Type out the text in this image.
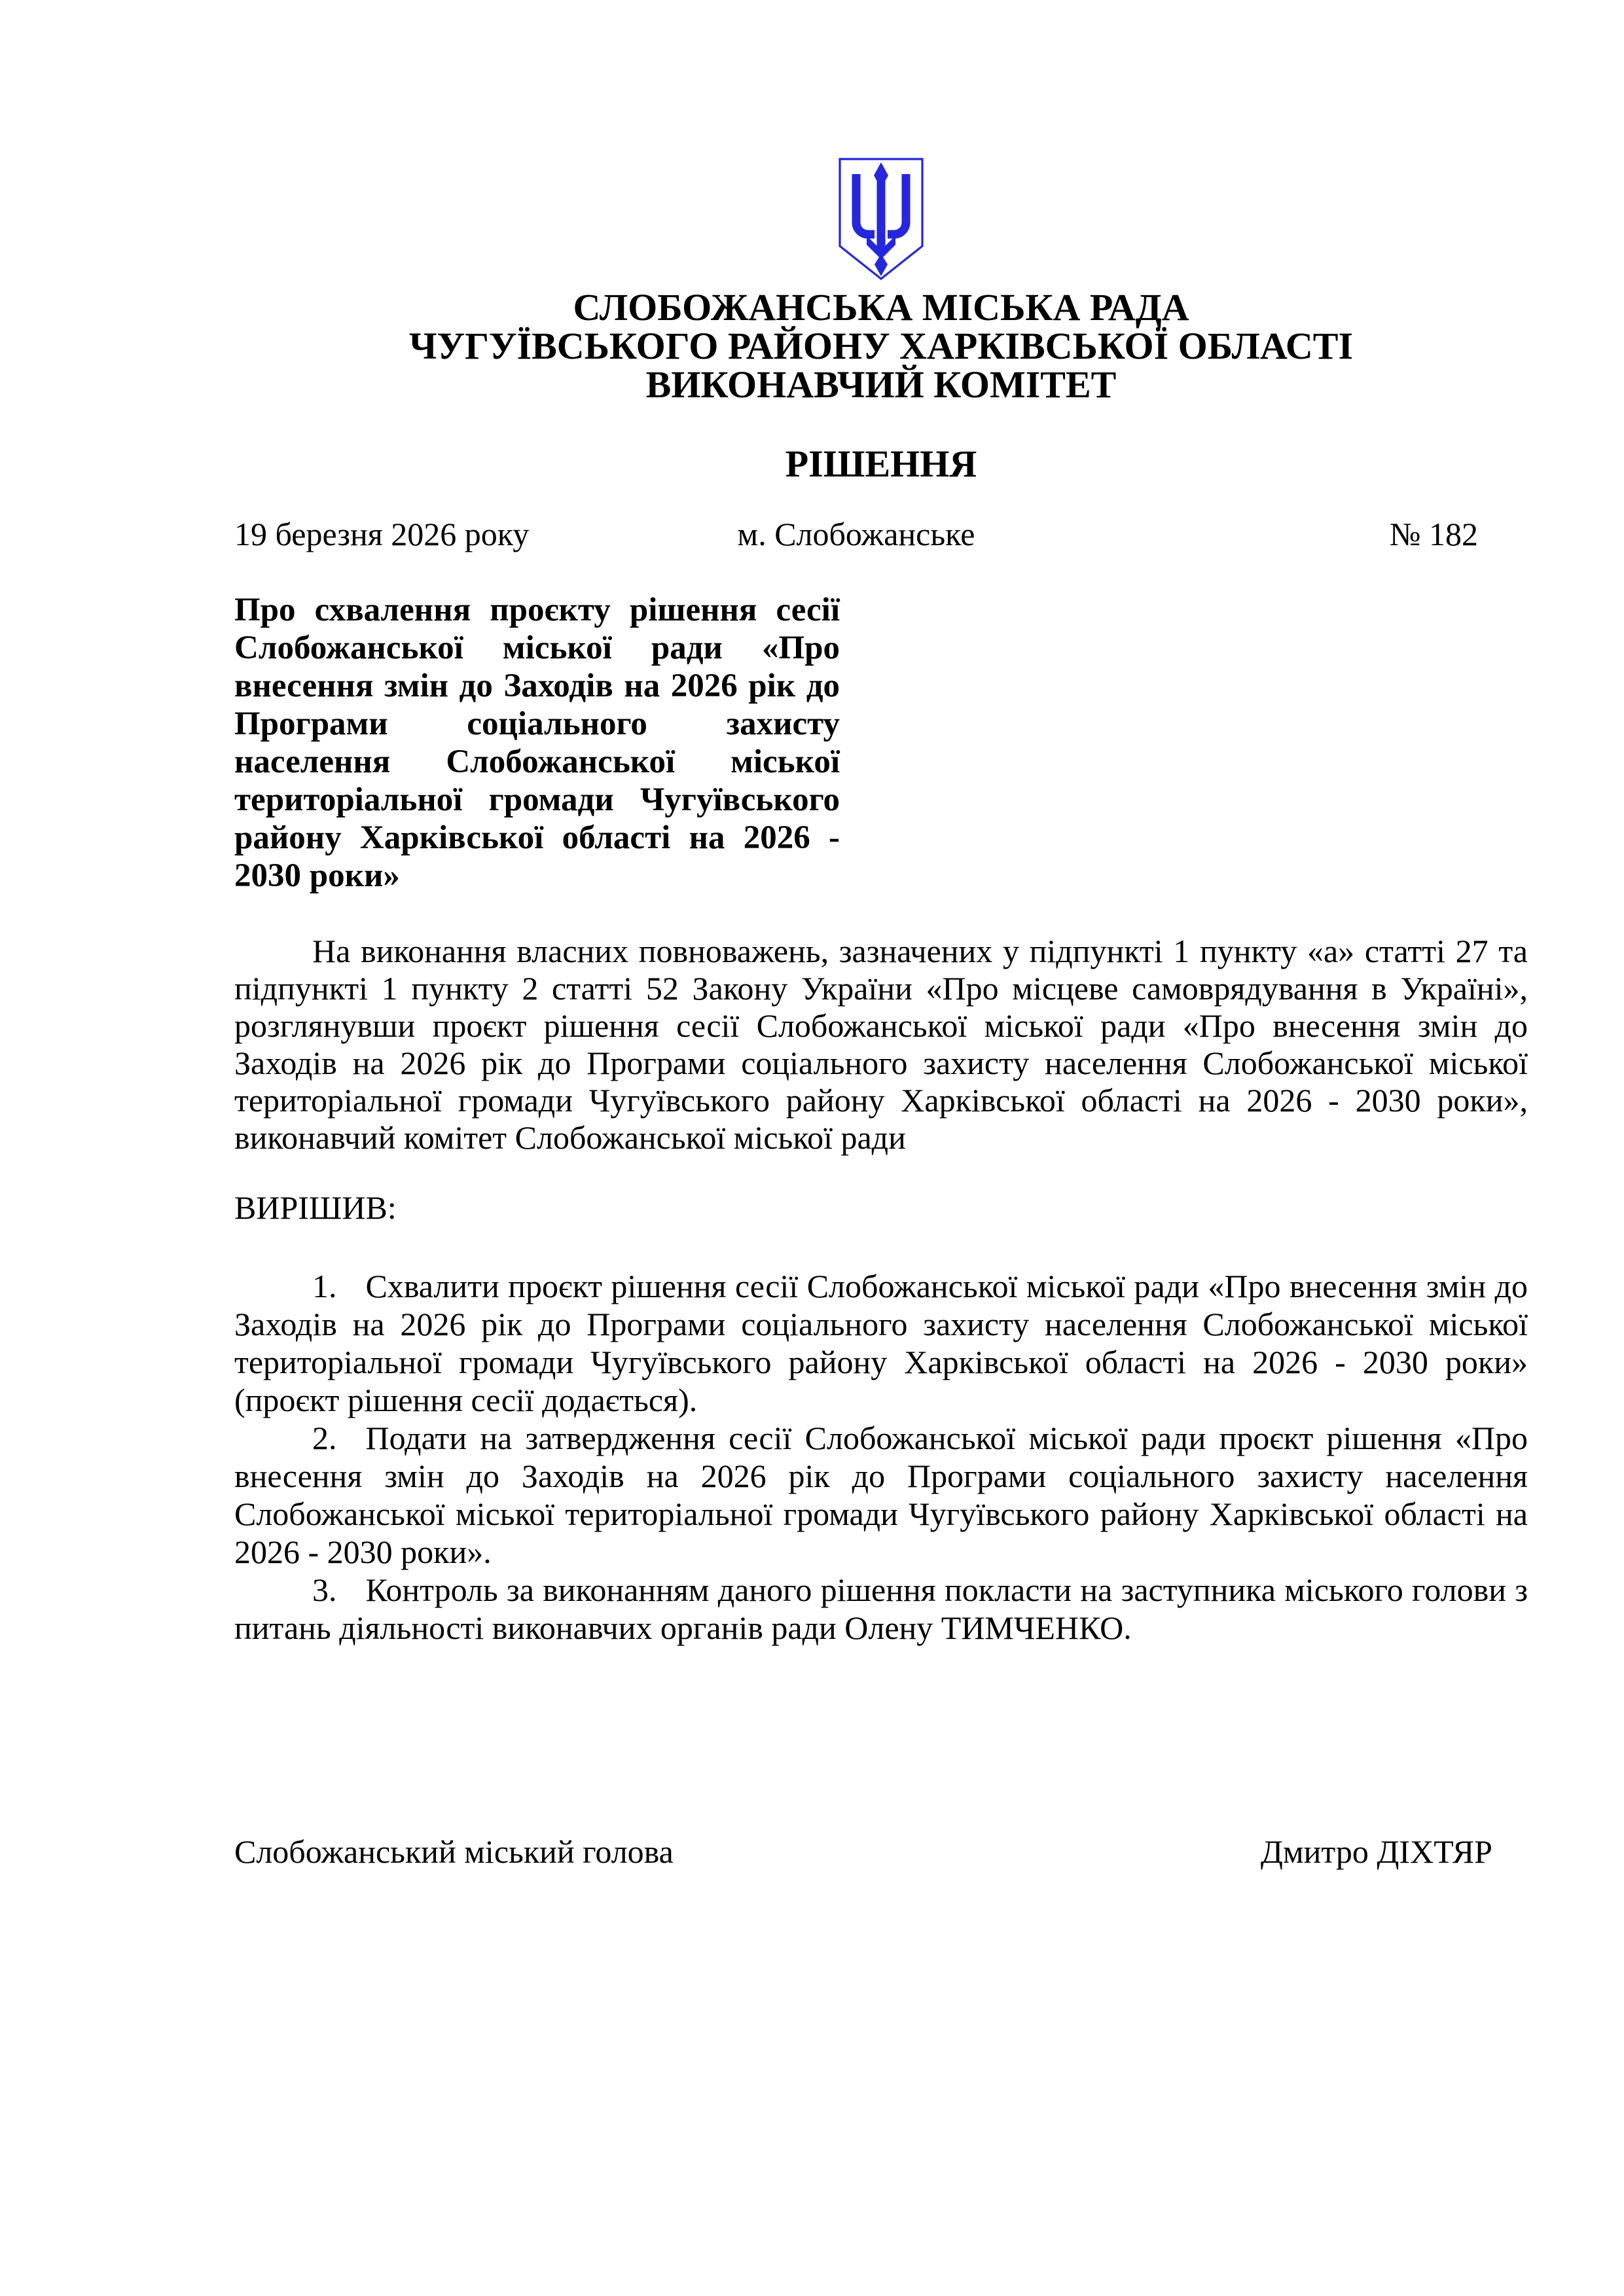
СЛОБОЖАНСЬКА МІСЬКА РАДА
ЧУГУЇВСЬКОГО РАЙОНУ ХАРКІВСЬКОЇ ОБЛАСТІ
ВИКОНАВЧИЙ КОМІТЕТ
РІШЕННЯ
19 березня 2026 року	м. Слобожанське	№ 182
Про схвалення проєкту рішення сесії Слобожанської міської ради «Про внесення змін до Заходів на 2026 рік до Програми соціального захисту населення Слобожанської міської територіальної громади Чугуївського району Харківської області на 2026 - 2030 роки»

На виконання власних повноважень, зазначених у підпункті 1 пункту «а» статті 27 та підпункті 1 пункту 2 статті 52 Закону України «Про місцеве самоврядування в Україні», розглянувши проєкт рішення сесії Слобожанської міської ради «Про внесення змін до Заходів на 2026 рік до Програми соціального захисту населення Слобожанської міської територіальної громади Чугуївського району Харківської області на 2026 - 2030 роки», виконавчий комітет Слобожанської міської ради

ВИРІШИВ:

1. Схвалити проєкт рішення сесії Слобожанської міської ради «Про внесення змін до Заходів на 2026 рік до Програми соціального захисту населення Слобожанської міської територіальної громади Чугуївського району Харківської області на 2026 - 2030 роки» (проєкт рішення сесії додається).

2. Подати на затвердження сесії Слобожанської міської ради проєкт рішення «Про внесення змін до Заходів на 2026 рік до Програми соціального захисту населення Слобожанської міської територіальної громади Чугуївського району Харківської області на 2026 - 2030 роки».

3. Контроль за виконанням даного рішення покласти на заступника міського голови з питань діяльності виконавчих органів ради Олену ТИМЧЕНКО.

Слобожанський міський голова	Дмитро ДІХТЯР
